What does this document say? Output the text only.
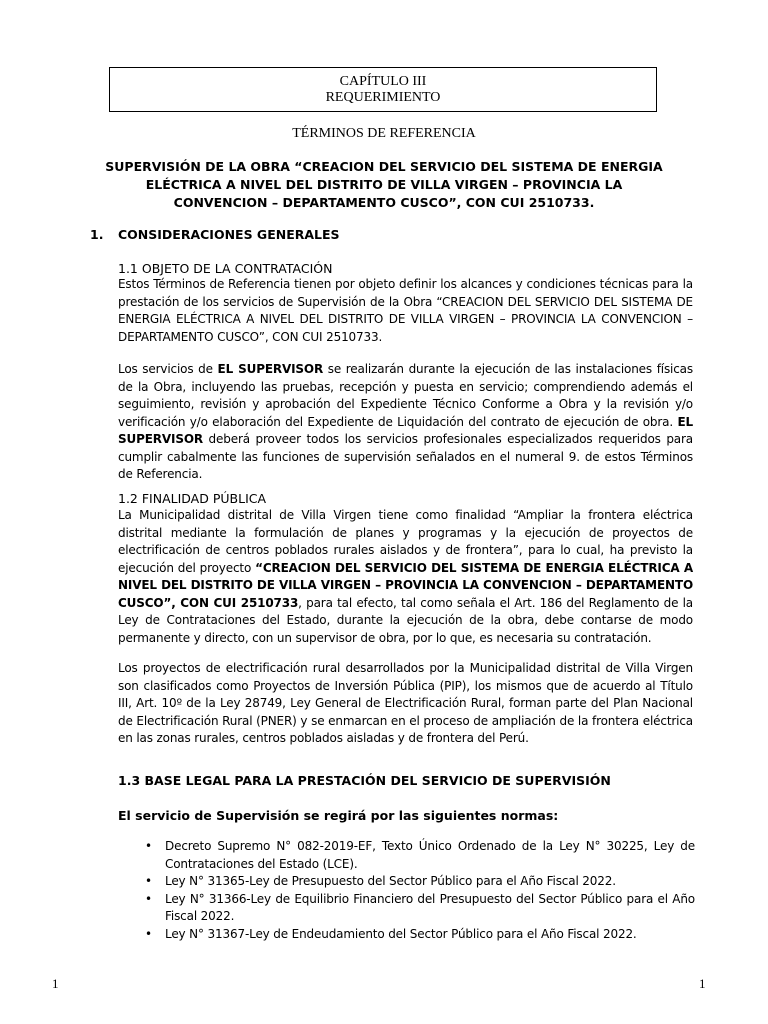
CAPÍTULO III
REQUERIMIENTO
TÉRMINOS DE REFERENCIA
SUPERVISIÓN DE LA OBRA “CREACION DEL SERVICIO DEL SISTEMA DE ENERGIA ELÉCTRICA A NIVEL DEL DISTRITO DE VILLA VIRGEN – PROVINCIA LA CONVENCION – DEPARTAMENTO CUSCO”, CON CUI 2510733.
1. CONSIDERACIONES GENERALES
1.1 OBJETO DE LA CONTRATACIÓN
Estos Términos de Referencia tienen por objeto definir los alcances y condiciones técnicas para la prestación de los servicios de Supervisión de la Obra “CREACION DEL SERVICIO DEL SISTEMA DE ENERGIA ELÉCTRICA A NIVEL DEL DISTRITO DE VILLA VIRGEN – PROVINCIA LA CONVENCION – DEPARTAMENTO CUSCO”, CON CUI 2510733.
Los servicios de EL SUPERVISOR se realizarán durante la ejecución de las instalaciones físicas de la Obra, incluyendo las pruebas, recepción y puesta en servicio; comprendiendo además el seguimiento, revisión y aprobación del Expediente Técnico Conforme a Obra y la revisión y/o verificación y/o elaboración del Expediente de Liquidación del contrato de ejecución de obra. EL SUPERVISOR deberá proveer todos los servicios profesionales especializados requeridos para cumplir cabalmente las funciones de supervisión señalados en el numeral 9. de estos Términos de Referencia.
1.2 FINALIDAD PÚBLICA
La Municipalidad distrital de Villa Virgen tiene como finalidad “Ampliar la frontera eléctrica distrital mediante la formulación de planes y programas y la ejecución de proyectos de electrificación de centros poblados rurales aislados y de frontera”, para lo cual, ha previsto la ejecución del proyecto “CREACION DEL SERVICIO DEL SISTEMA DE ENERGIA ELÉCTRICA A NIVEL DEL DISTRITO DE VILLA VIRGEN – PROVINCIA LA CONVENCION – DEPARTAMENTO CUSCO”, CON CUI 2510733, para tal efecto, tal como señala el Art. 186 del Reglamento de la Ley de Contrataciones del Estado, durante la ejecución de la obra, debe contarse de modo permanente y directo, con un supervisor de obra, por lo que, es necesaria su contratación.
Los proyectos de electrificación rural desarrollados por la Municipalidad distrital de Villa Virgen son clasificados como Proyectos de Inversión Pública (PIP), los mismos que de acuerdo al Título III, Art. 10º de la Ley 28749, Ley General de Electrificación Rural, forman parte del Plan Nacional de Electrificación Rural (PNER) y se enmarcan en el proceso de ampliación de la frontera eléctrica en las zonas rurales, centros poblados aisladas y de frontera del Perú.
1.3 BASE LEGAL PARA LA PRESTACIÓN DEL SERVICIO DE SUPERVISIÓN
El servicio de Supervisión se regirá por las siguientes normas:
• Decreto Supremo N° 082-2019-EF, Texto Único Ordenado de la Ley N° 30225, Ley de Contrataciones del Estado (LCE).
• Ley N° 31365-Ley de Presupuesto del Sector Público para el Año Fiscal 2022.
• Ley N° 31366-Ley de Equilibrio Financiero del Presupuesto del Sector Público para el Año Fiscal 2022.
• Ley N° 31367-Ley de Endeudamiento del Sector Público para el Año Fiscal 2022.
1	1
